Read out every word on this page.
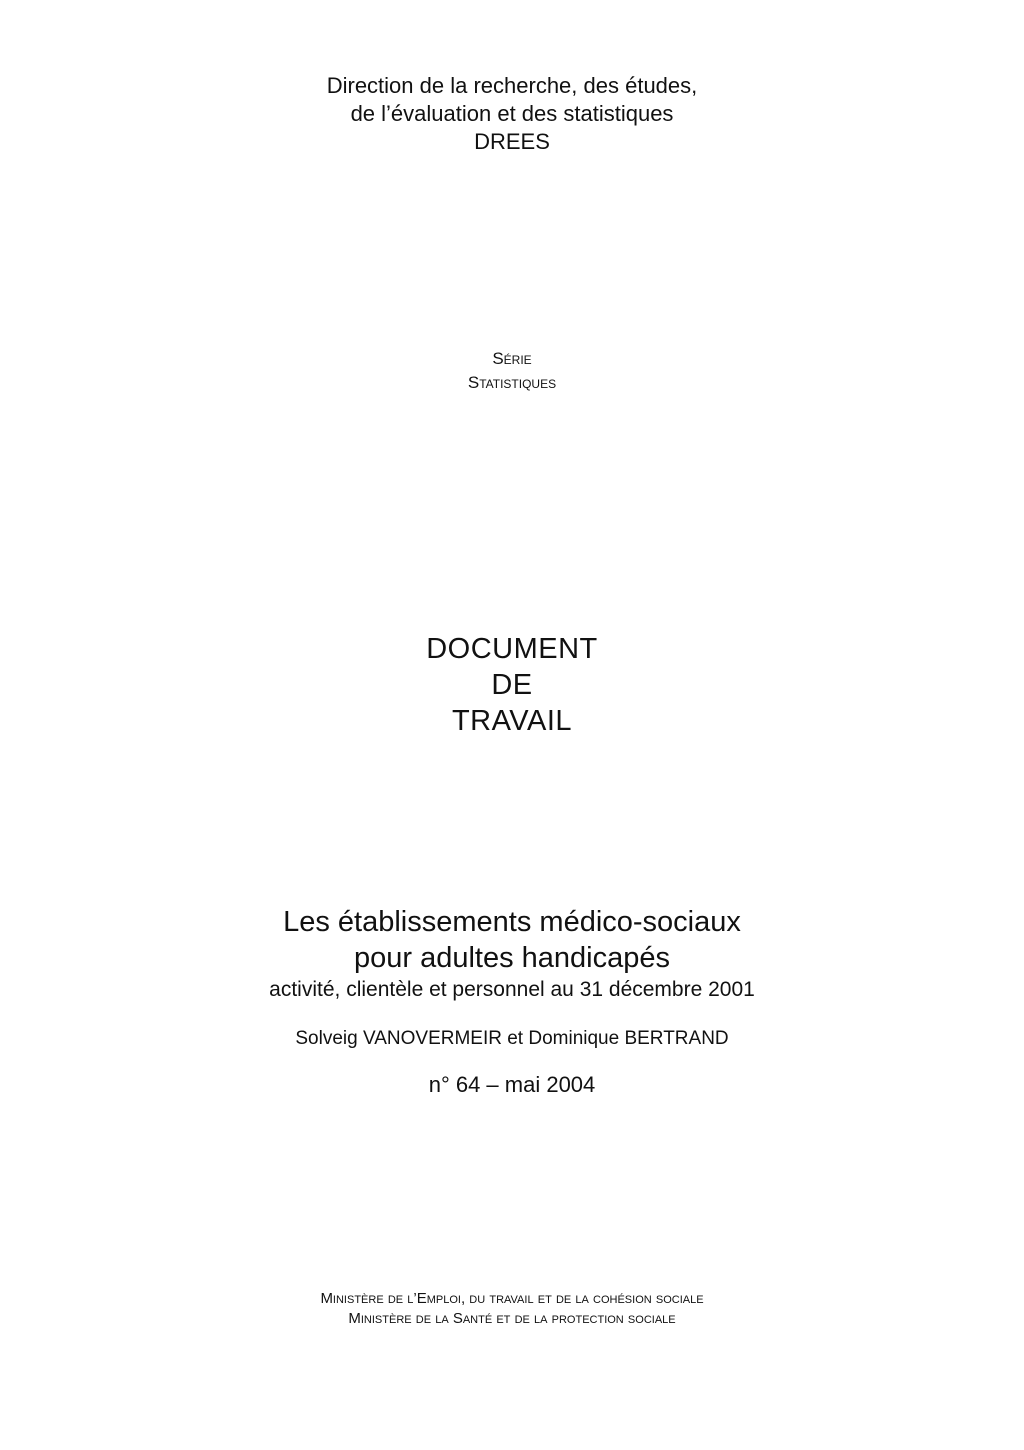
Direction de la recherche, des études,
de l’évaluation et des statistiques
DREES
Série
Statistiques
DOCUMENT
DE
TRAVAIL
Les établissements médico-sociaux
pour adultes handicapés
activité, clientèle et personnel au 31 décembre 2001
Solveig VANOVERMEIR et Dominique BERTRAND
n° 64 – mai 2004
Ministère de l’Emploi, du travail et de la cohésion sociale
Ministère de la Santé et de la protection sociale
